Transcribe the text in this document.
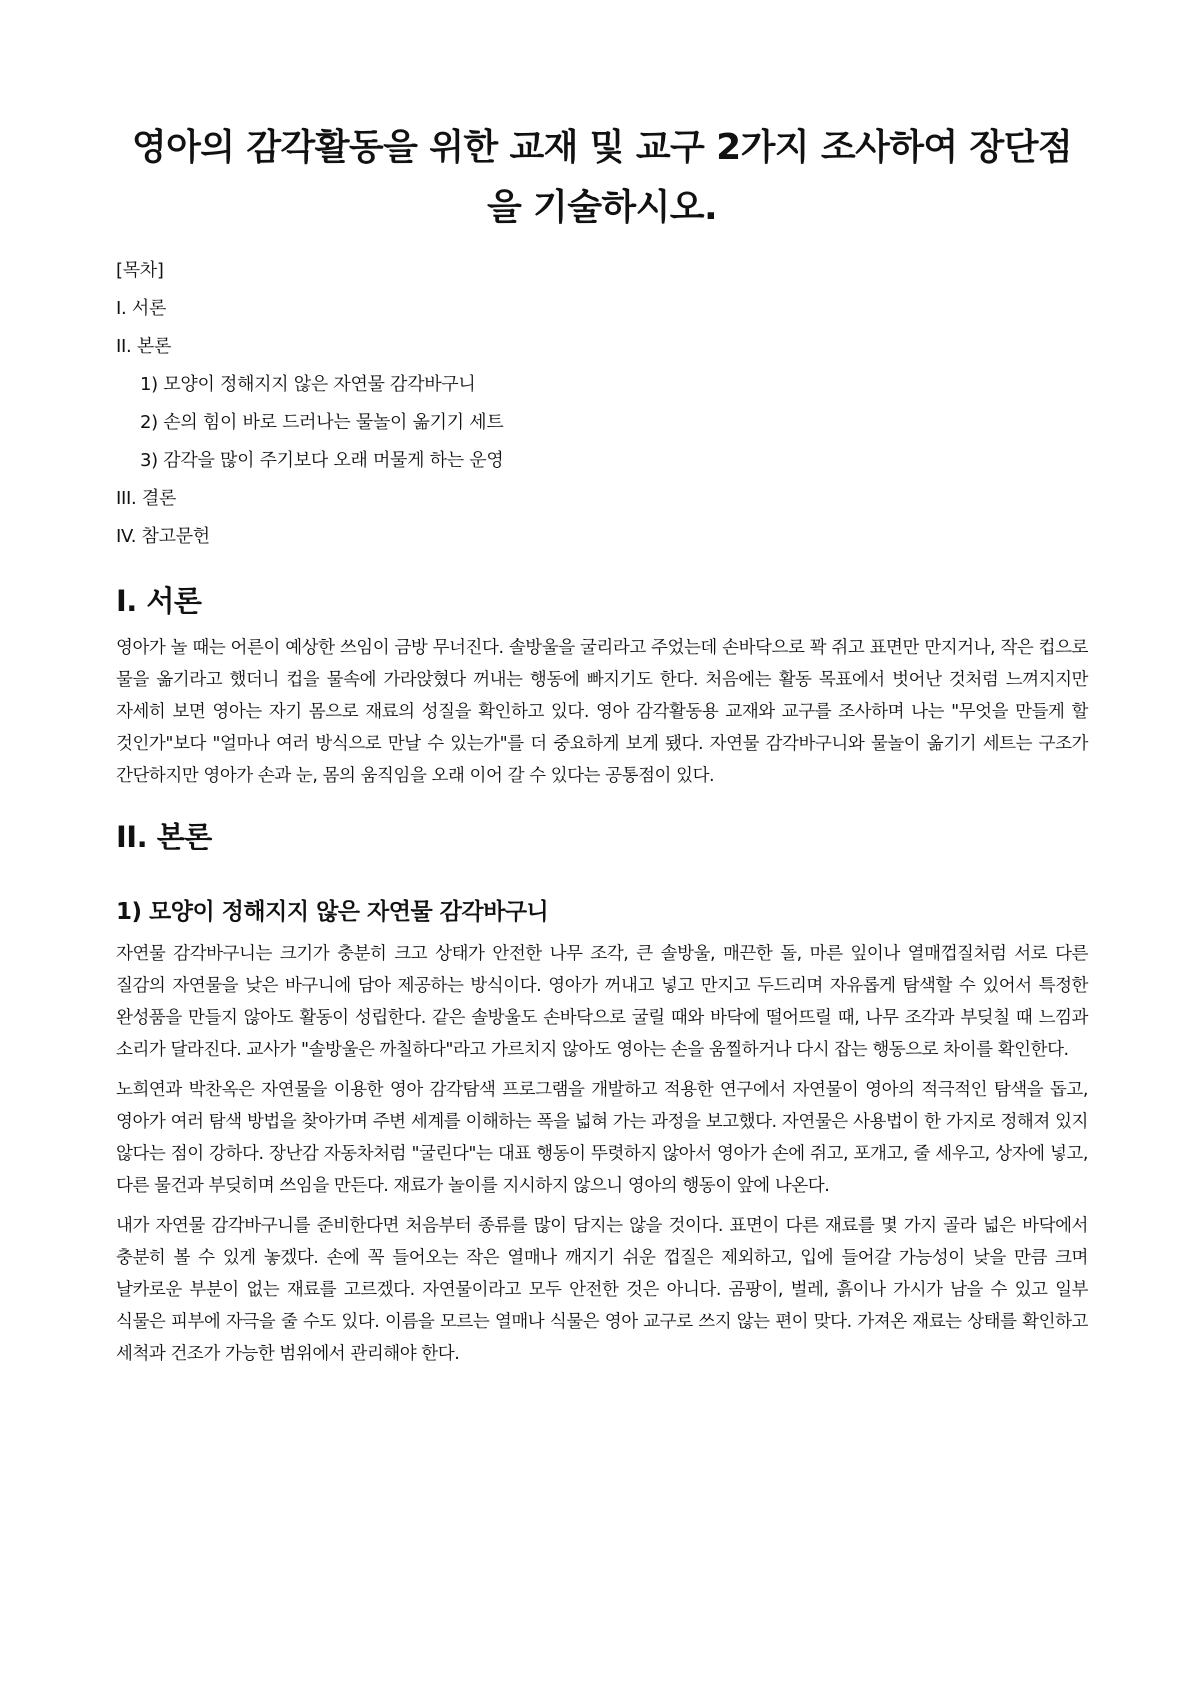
영아의 감각활동을 위한 교재 및 교구 2가지 조사하여 장단점을 기술하시오.
[목차]
I. 서론
II. 본론
1) 모양이 정해지지 않은 자연물 감각바구니
2) 손의 힘이 바로 드러나는 물놀이 옮기기 세트
3) 감각을 많이 주기보다 오래 머물게 하는 운영
III. 결론
IV. 참고문헌
I. 서론

영아가 놀 때는 어른이 예상한 쓰임이 금방 무너진다. 솔방울을 굴리라고 주었는데 손바닥으로 꽉 쥐고 표면만 만지거나, 작은 컵으로 물을 옮기라고 했더니 컵을 물속에 가라앉혔다 꺼내는 행동에 빠지기도 한다. 처음에는 활동 목표에서 벗어난 것처럼 느껴지지만 자세히 보면 영아는 자기 몸으로 재료의 성질을 확인하고 있다. 영아 감각활동용 교재와 교구를 조사하며 나는 "무엇을 만들게 할 것인가"보다 "얼마나 여러 방식으로 만날 수 있는가"를 더 중요하게 보게 됐다. 자연물 감각바구니와 물놀이 옮기기 세트는 구조가 간단하지만 영아가 손과 눈, 몸의 움직임을 오래 이어 갈 수 있다는 공통점이 있다.

II. 본론
1) 모양이 정해지지 않은 자연물 감각바구니

자연물 감각바구니는 크기가 충분히 크고 상태가 안전한 나무 조각, 큰 솔방울, 매끈한 돌, 마른 잎이나 열매껍질처럼 서로 다른 질감의 자연물을 낮은 바구니에 담아 제공하는 방식이다. 영아가 꺼내고 넣고 만지고 두드리며 자유롭게 탐색할 수 있어서 특정한 완성품을 만들지 않아도 활동이 성립한다. 같은 솔방울도 손바닥으로 굴릴 때와 바닥에 떨어뜨릴 때, 나무 조각과 부딪칠 때 느낌과 소리가 달라진다. 교사가 "솔방울은 까칠하다"라고 가르치지 않아도 영아는 손을 움찔하거나 다시 잡는 행동으로 차이를 확인한다.

노희연과 박찬옥은 자연물을 이용한 영아 감각탐색 프로그램을 개발하고 적용한 연구에서 자연물이 영아의 적극적인 탐색을 돕고, 영아가 여러 탐색 방법을 찾아가며 주변 세계를 이해하는 폭을 넓혀 가는 과정을 보고했다. 자연물은 사용법이 한 가지로 정해져 있지 않다는 점이 강하다. 장난감 자동차처럼 "굴린다"는 대표 행동이 뚜렷하지 않아서 영아가 손에 쥐고, 포개고, 줄 세우고, 상자에 넣고, 다른 물건과 부딪히며 쓰임을 만든다. 재료가 놀이를 지시하지 않으니 영아의 행동이 앞에 나온다.

내가 자연물 감각바구니를 준비한다면 처음부터 종류를 많이 담지는 않을 것이다. 표면이 다른 재료를 몇 가지 골라 넓은 바닥에서 충분히 볼 수 있게 놓겠다. 손에 꼭 들어오는 작은 열매나 깨지기 쉬운 껍질은 제외하고, 입에 들어갈 가능성이 낮을 만큼 크며 날카로운 부분이 없는 재료를 고르겠다. 자연물이라고 모두 안전한 것은 아니다. 곰팡이, 벌레, 흙이나 가시가 남을 수 있고 일부 식물은 피부에 자극을 줄 수도 있다. 이름을 모르는 열매나 식물은 영아 교구로 쓰지 않는 편이 맞다. 가져온 재료는 상태를 확인하고 세척과 건조가 가능한 범위에서 관리해야 한다.
